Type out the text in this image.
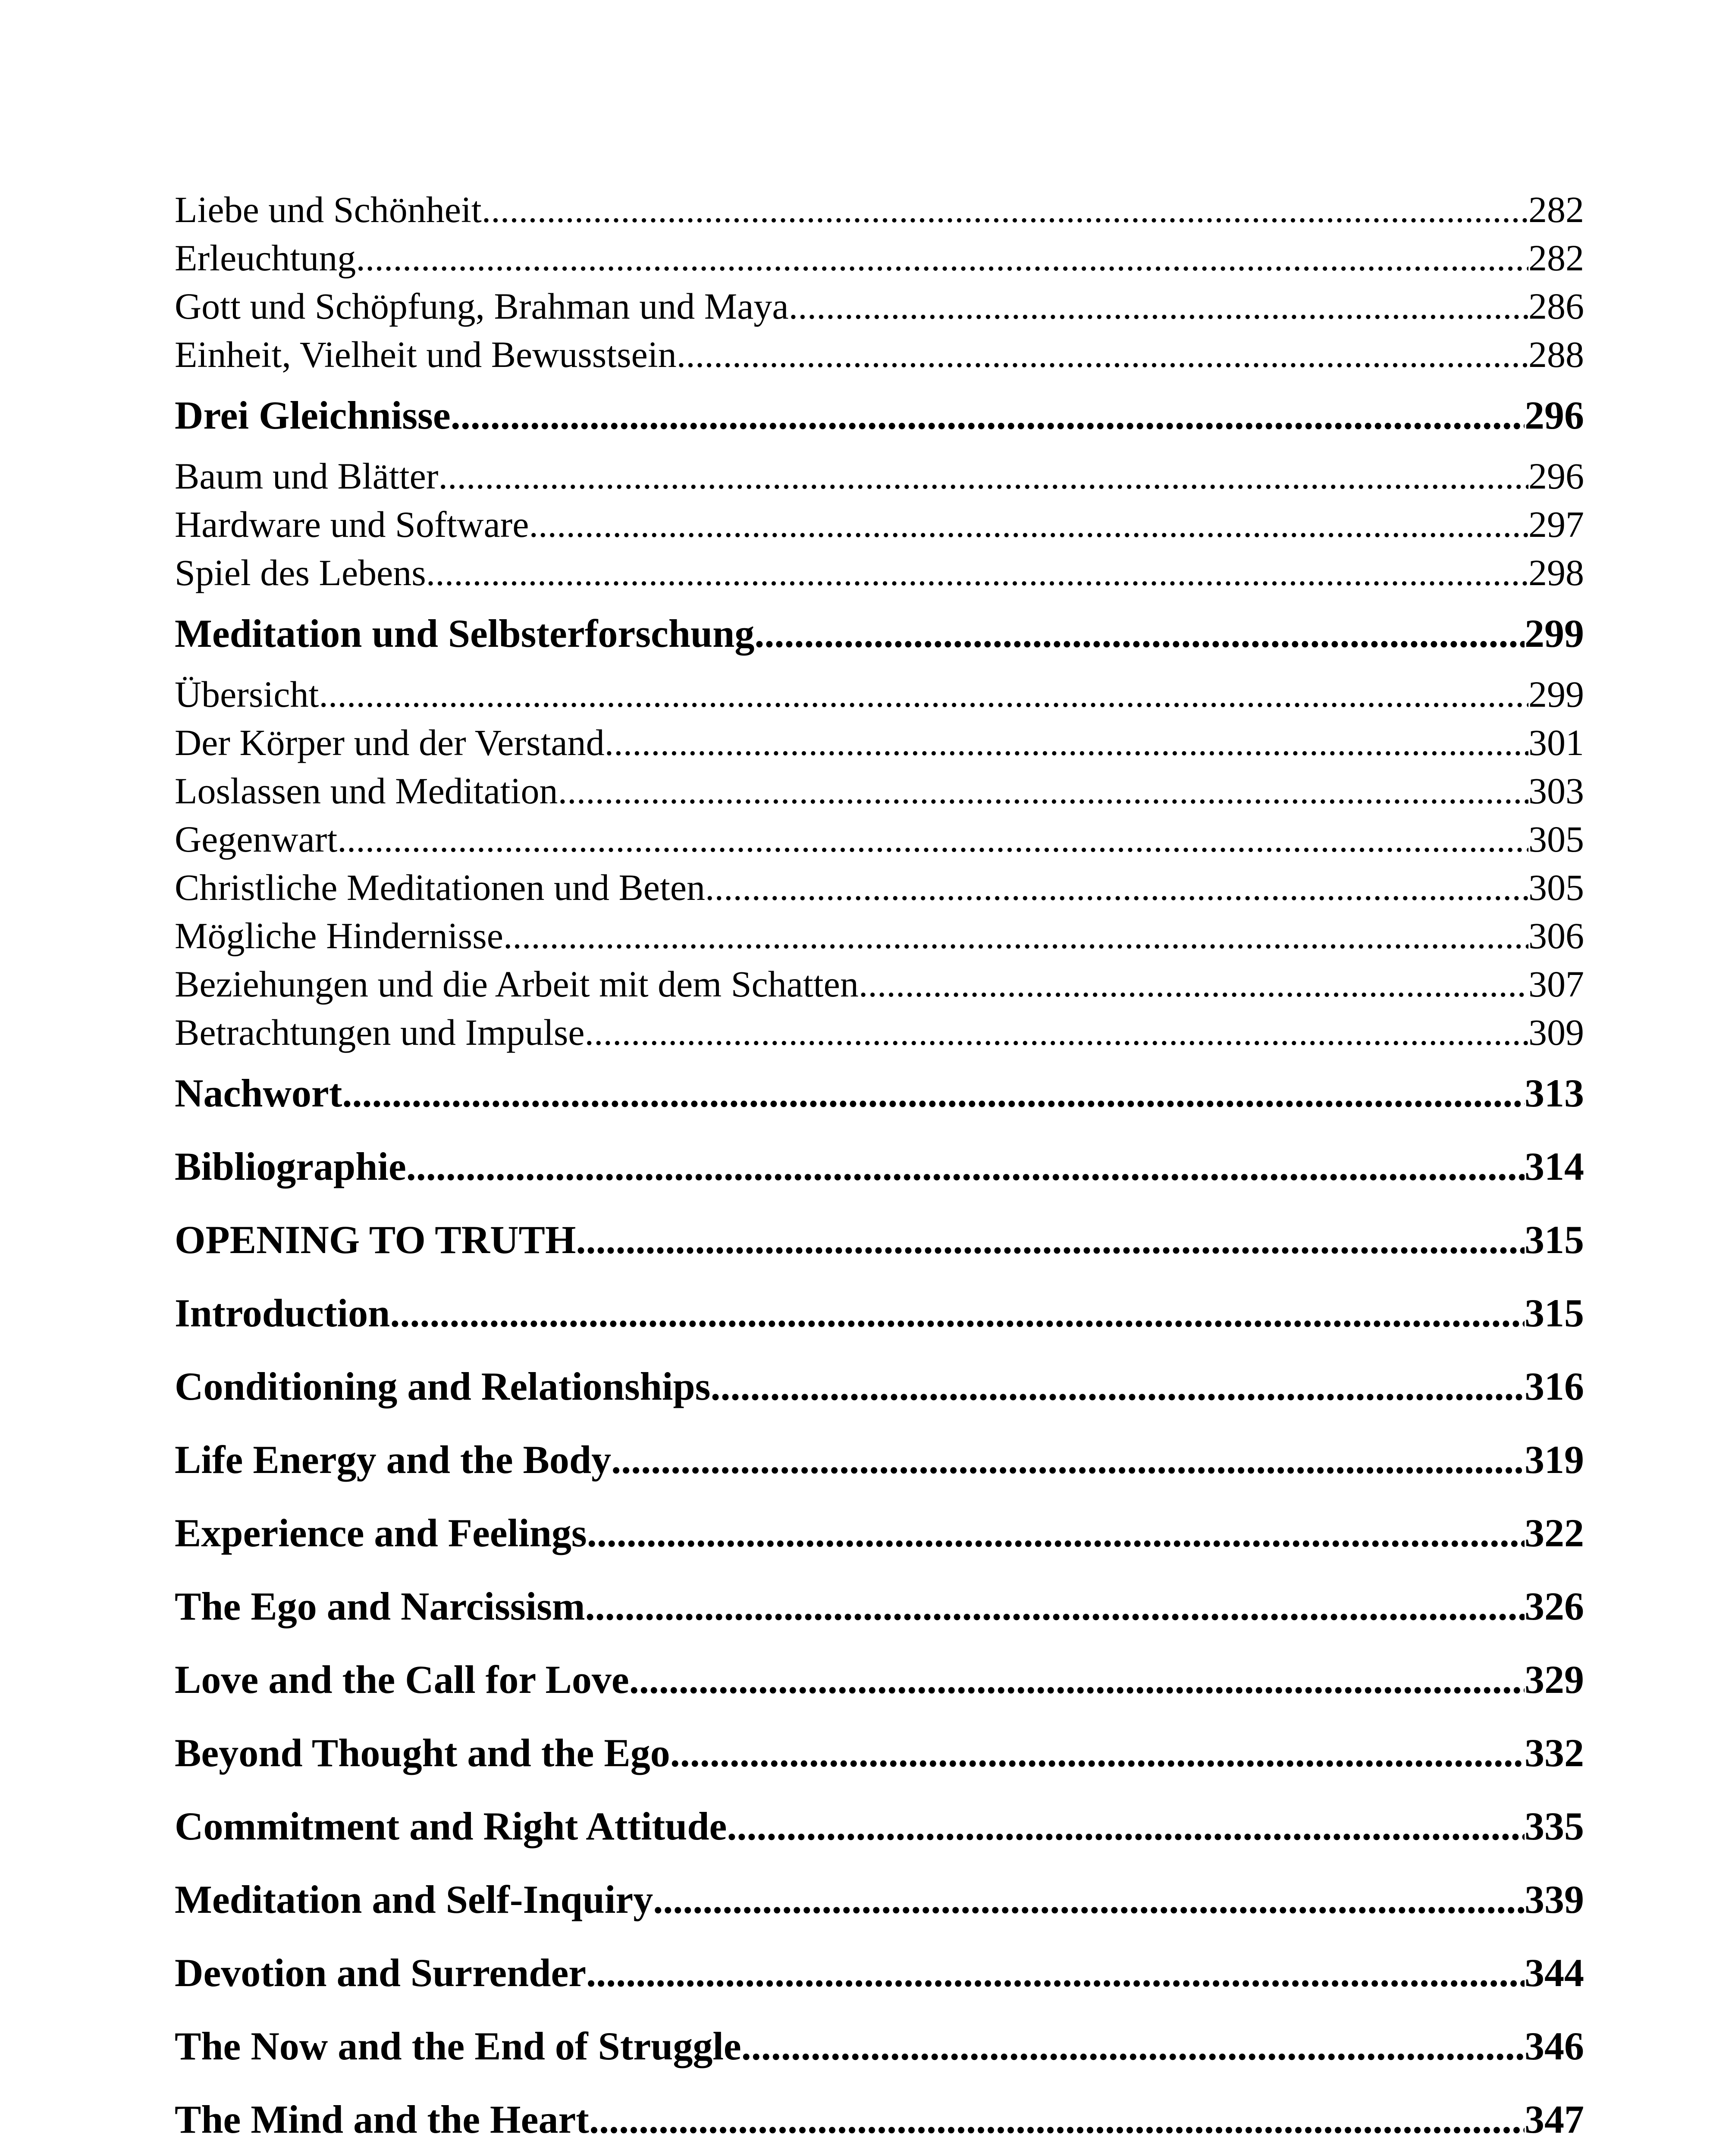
Liebe und Schönheit .....	282
Erleuchtung .....	282
Gott und Schöpfung, Brahman und Maya .....	286
Einheit, Vielheit und Bewusstsein .....	288
Drei Gleichnisse .....	296
Baum und Blätter .....	296
Hardware und Software .....	297
Spiel des Lebens .....	298
Meditation und Selbsterforschung .....	299
Übersicht .....	299
Der Körper und der Verstand .....	301
Loslassen und Meditation .....	303
Gegenwart .....	305
Christliche Meditationen und Beten .....	305
Mögliche Hindernisse .....	306
Beziehungen und die Arbeit mit dem Schatten .....	307
Betrachtungen und Impulse .....	309
Nachwort .....	313
Bibliographie .....	314
OPENING TO TRUTH .....	315
Introduction .....	315
Conditioning and Relationships .....	316
Life Energy and the Body .....	319
Experience and Feelings .....	322
The Ego and Narcissism .....	326
Love and the Call for Love .....	329
Beyond Thought and the Ego .....	332
Commitment and Right Attitude .....	335
Meditation and Self-Inquiry .....	339
Devotion and Surrender .....	344
The Now and the End of Struggle .....	346
The Mind and the Heart .....	347
